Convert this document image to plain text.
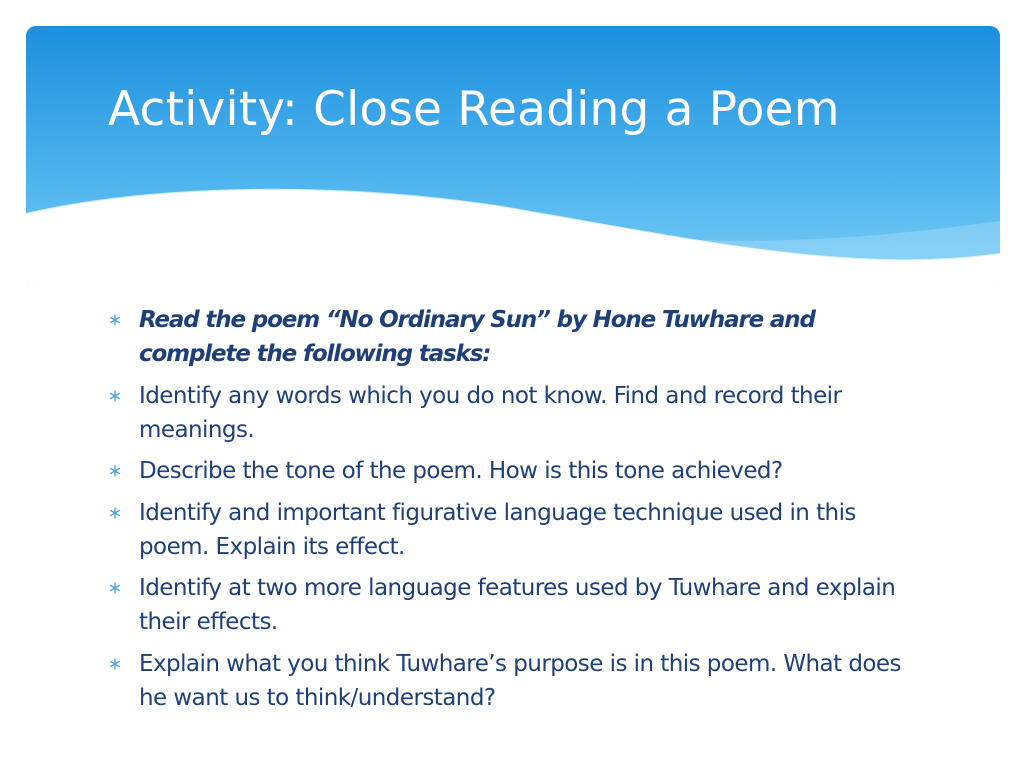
Activity: Close Reading a Poem
Read the poem “No Ordinary Sun” by Hone Tuwhare and complete the following tasks:
Identify any words which you do not know. Find and record their meanings.
Describe the tone of the poem. How is this tone achieved?
Identify and important figurative language technique used in this poem. Explain its effect.
Identify at two more language features used by Tuwhare and explain their effects.
Explain what you think Tuwhare’s purpose is in this poem. What does he want us to think/understand?
